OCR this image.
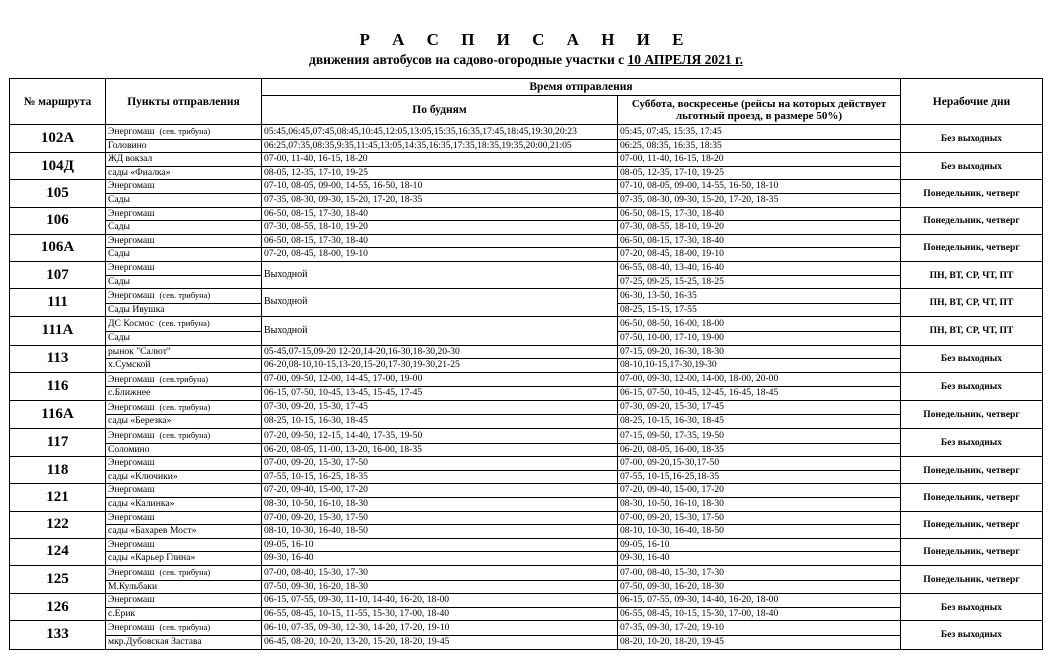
Р А С П И С А Н И Е
движения автобусов на садово-огородные участки с 10 АПРЕЛЯ 2021 г.
№ маршрута	Пункты отправления	Время отправления		Нерабочие дни
		По будням	Суббота, воскресенье (рейсы на которых действует льготный проезд, в размере 50%)	
102А	Энергомаш (сев. трибуна)	05:45,06:45,07:45,08:45,10:45,12:05,13:05,15:35,16:35,17:45,18:45,19:30,20:23	05:45, 07:45, 15:35, 17:45	Без выходных
	Головино	06:25,07:35,08:35,9:35,11:45,13:05,14:35,16:35,17:35,18:35,19:35,20:00,21:05	06:25, 08:35, 16:35, 18:35	
104Д	ЖД вокзал	07-00, 11-40, 16-15, 18-20	07-00, 11-40, 16-15, 18-20	Без выходных
	сады «Фиалка»	08-05, 12-35, 17-10, 19-25	08-05, 12-35, 17-10, 19-25	
105	Энергомаш	07-10, 08-05, 09-00, 14-55, 16-50, 18-10	07-10, 08-05, 09-00, 14-55, 16-50, 18-10	Понедельник, четверг
	Сады	07-35, 08-30, 09-30, 15-20, 17-20, 18-35	07-35, 08-30, 09-30, 15-20, 17-20, 18-35	
106	Энергомаш	06-50, 08-15, 17-30, 18-40	06-50, 08-15, 17-30, 18-40	Понедельник, четверг
	Сады	07-30, 08-55, 18-10, 19-20	07-30, 08-55, 18-10, 19-20	
106А	Энергомаш	06-50, 08-15, 17-30, 18-40	06-50, 08-15, 17-30, 18-40	Понедельник, четверг
	Сады	07-20, 08-45, 18-00, 19-10	07-20, 08-45, 18-00, 19-10	
107	Энергомаш	Выходной	06-55, 08-40, 13-40, 16-40	ПН, ВТ, СР, ЧТ, ПТ
	Сады		07-25, 09-25, 15-25, 18-25	
111	Энергомаш (сев. трибуна)	Выходной	06-30, 13-50, 16-35	ПН, ВТ, СР, ЧТ, ПТ
	Сады Ивушка		08-25, 15-15, 17-55	
111А	ДС Космос (сев. трибуна)	Выходной	06-50, 08-50, 16-00, 18-00	ПН, ВТ, СР, ЧТ, ПТ
	Сады		07-50, 10-00, 17-10, 19-00	
113	рынок "Салют"	05-45,07-15,09-20 12-20,14-20,16-30,18-30,20-30	07-15, 09-20, 16-30, 18-30	Без выходных
	х.Сумской	06-20,08-10,10-15,13-20,15-20,17-30,19-30,21-25	08-10,10-15,17-30,19-30	
116	Энергомаш (сев.трибуна)	07-00, 09-50, 12-00, 14-45, 17-00, 19-00	07-00, 09-30, 12-00, 14-00, 18-00, 20-00	Без выходных
	с.Ближнее	06-15, 07-50, 10-45, 13-45, 15-45, 17-45	06-15, 07-50, 10-45, 12-45, 16-45, 18-45	
116А	Энергомаш (сев. трибуна)	07-30, 09-20, 15-30, 17-45	07-30, 09-20, 15-30, 17-45	Понедельник, четверг
	сады «Березка»	08-25, 10-15, 16-30, 18-45	08-25, 10-15, 16-30, 18-45	
117	Энергомаш (сев. трибуна)	07-20, 09-50, 12-15, 14-40, 17-35, 19-50	07-15, 09-50, 17-35, 19-50	Без выходных
	Соломино	06-20, 08-05, 11-00, 13-20, 16-00, 18-35	06-20, 08-05, 16-00, 18-35	
118	Энергомаш	07-00, 09-20, 15-30, 17-50	07-00, 09-20,15-30,17-50	Понедельник, четверг
	сады «Ключики»	07-55, 10-15, 16-25, 18-35	07-55, 10-15,16-25,18-35	
121	Энергомаш	07-20, 09-40, 15-00, 17-20	07-20, 09-40, 15-00, 17-20	Понедельник, четверг
	сады «Калинка»	08-30, 10-50, 16-10, 18-30	08-30, 10-50, 16-10, 18-30	
122	Энергомаш	07-00, 09-20, 15-30, 17-50	07-00, 09-20, 15-30, 17-50	Понедельник, четверг
	сады «Бахарев Мост»	08-10, 10-30, 16-40, 18-50	08-10, 10-30, 16-40, 18-50	
124	Энергомаш	09-05, 16-10	09-05, 16-10	Понедельник, четверг
	сады «Карьер Глина»	09-30, 16-40	09-30, 16-40	
125	Энергомаш (сев. трибуна)	07-00, 08-40, 15-30, 17-30	07-00, 08-40, 15-30, 17-30	Понедельник, четверг
	М.Кульбаки	07-50, 09-30, 16-20, 18-30	07-50, 09-30, 16-20, 18-30	
126	Энергомаш	06-15, 07-55, 09-30, 11-10, 14-40, 16-20, 18-00	06-15, 07-55, 09-30, 14-40, 16-20, 18-00	Без выходных
	с.Ерик	06-55, 08-45, 10-15, 11-55, 15-30, 17-00, 18-40	06-55, 08-45, 10-15, 15-30, 17-00, 18-40	
133	Энергомаш (сев. трибуна)	06-10, 07-35, 09-30, 12-30, 14-20, 17-20, 19-10	07-35, 09-30, 17-20, 19-10	Без выходных
	мкр.Дубовская Застава	06-45, 08-20, 10-20, 13-20, 15-20, 18-20, 19-45	08-20, 10-20, 18-20, 19-45	
